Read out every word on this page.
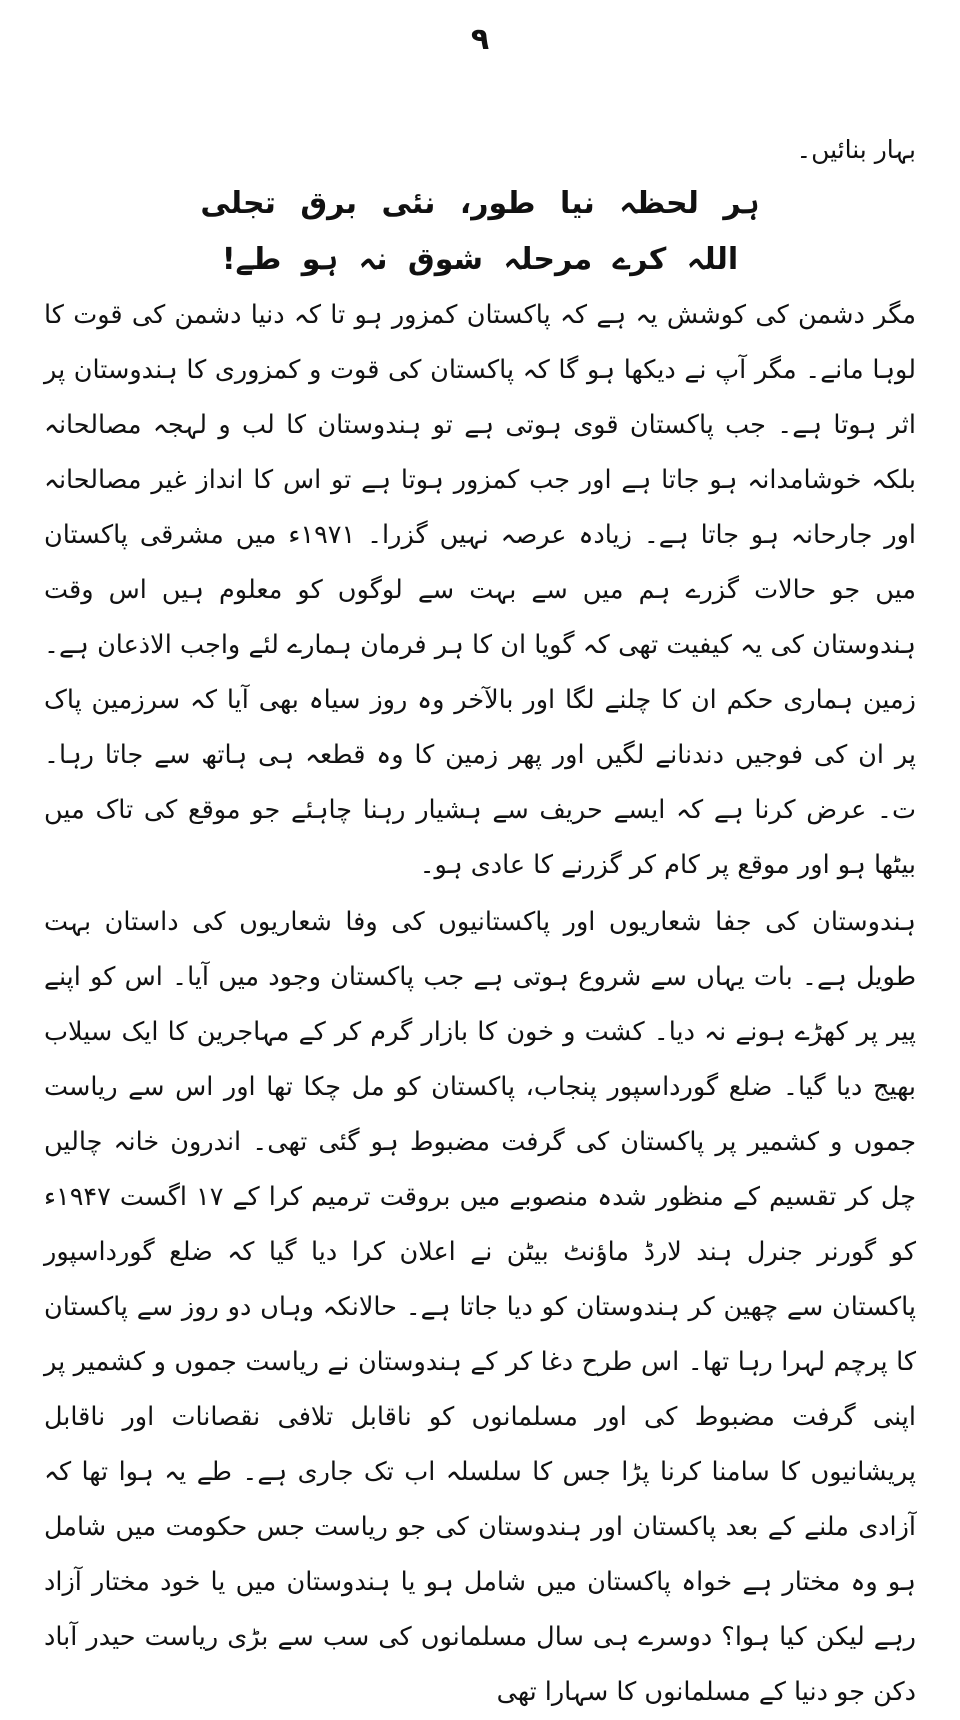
۹
بہار بنائیں۔
ہر لحظہ نیا طور، نئی برق تجلی
اللہ کرے مرحلہ شوق نہ ہو طے!
مگر دشمن کی کوشش یہ ہے کہ پاکستان کمزور ہو تا کہ دنیا دشمن کی قوت کا لوہا مانے۔ مگر آپ نے دیکھا ہو گا کہ پاکستان کی قوت و کمزوری کا ہندوستان پر اثر ہوتا ہے۔ جب پاکستان قوی ہوتی ہے تو ہندوستان کا لب و لہجہ مصالحانہ بلکہ خوشامدانہ ہو جاتا ہے اور جب کمزور ہوتا ہے تو اس کا انداز غیر مصالحانہ اور جارحانہ ہو جاتا ہے۔ زیادہ عرصہ نہیں گزرا۔ ۱۹۷۱ء میں مشرقی پاکستان میں جو حالات گزرے ہم میں سے بہت سے لوگوں کو معلوم ہیں اس وقت ہندوستان کی یہ کیفیت تھی کہ گویا ان کا ہر فرمان ہمارے لئے واجب الاذعان ہے۔ زمین ہماری حکم ان کا چلنے لگا اور بالآخر وہ روز سیاہ بھی آیا کہ سرزمین پاک پر ان کی فوجیں دندنانے لگیں اور پھر زمین کا وہ قطعہ ہی ہاتھ سے جاتا رہا۔ ت۔ عرض کرنا ہے کہ ایسے حریف سے ہشیار رہنا چاہئے جو موقع کی تاک میں بیٹھا ہو اور موقع پر کام کر گزرنے کا عادی ہو۔
ہندوستان کی جفا شعاریوں اور پاکستانیوں کی وفا شعاریوں کی داستان بہت طویل ہے۔ بات یہاں سے شروع ہوتی ہے جب پاکستان وجود میں آیا۔ اس کو اپنے پیر پر کھڑے ہونے نہ دیا۔ کشت و خون کا بازار گرم کر کے مہاجرین کا ایک سیلاب بھیج دیا گیا۔ ضلع گورداسپور پنجاب، پاکستان کو مل چکا تھا اور اس سے ریاست جموں و کشمیر پر پاکستان کی گرفت مضبوط ہو گئی تھی۔ اندرون خانہ چالیں چل کر تقسیم کے منظور شدہ منصوبے میں بروقت ترمیم کرا کے ۱۷ اگست ۱۹۴۷ء کو گورنر جنرل ہند لارڈ ماؤنٹ بیٹن نے اعلان کرا دیا گیا کہ ضلع گورداسپور پاکستان سے چھین کر ہندوستان کو دیا جاتا ہے۔ حالانکہ وہاں دو روز سے پاکستان کا پرچم لہرا رہا تھا۔ اس طرح دغا کر کے ہندوستان نے ریاست جموں و کشمیر پر اپنی گرفت مضبوط کی اور مسلمانوں کو ناقابل تلافی نقصانات اور ناقابل پریشانیوں کا سامنا کرنا پڑا جس کا سلسلہ اب تک جاری ہے۔ طے یہ ہوا تھا کہ آزادی ملنے کے بعد پاکستان اور ہندوستان کی جو ریاست جس حکومت میں شامل ہو وہ مختار ہے خواہ پاکستان میں شامل ہو یا ہندوستان میں یا خود مختار آزاد رہے لیکن کیا ہوا؟ دوسرے ہی سال مسلمانوں کی سب سے بڑی ریاست حیدر آباد دکن جو دنیا کے مسلمانوں کا سہارا تھی
